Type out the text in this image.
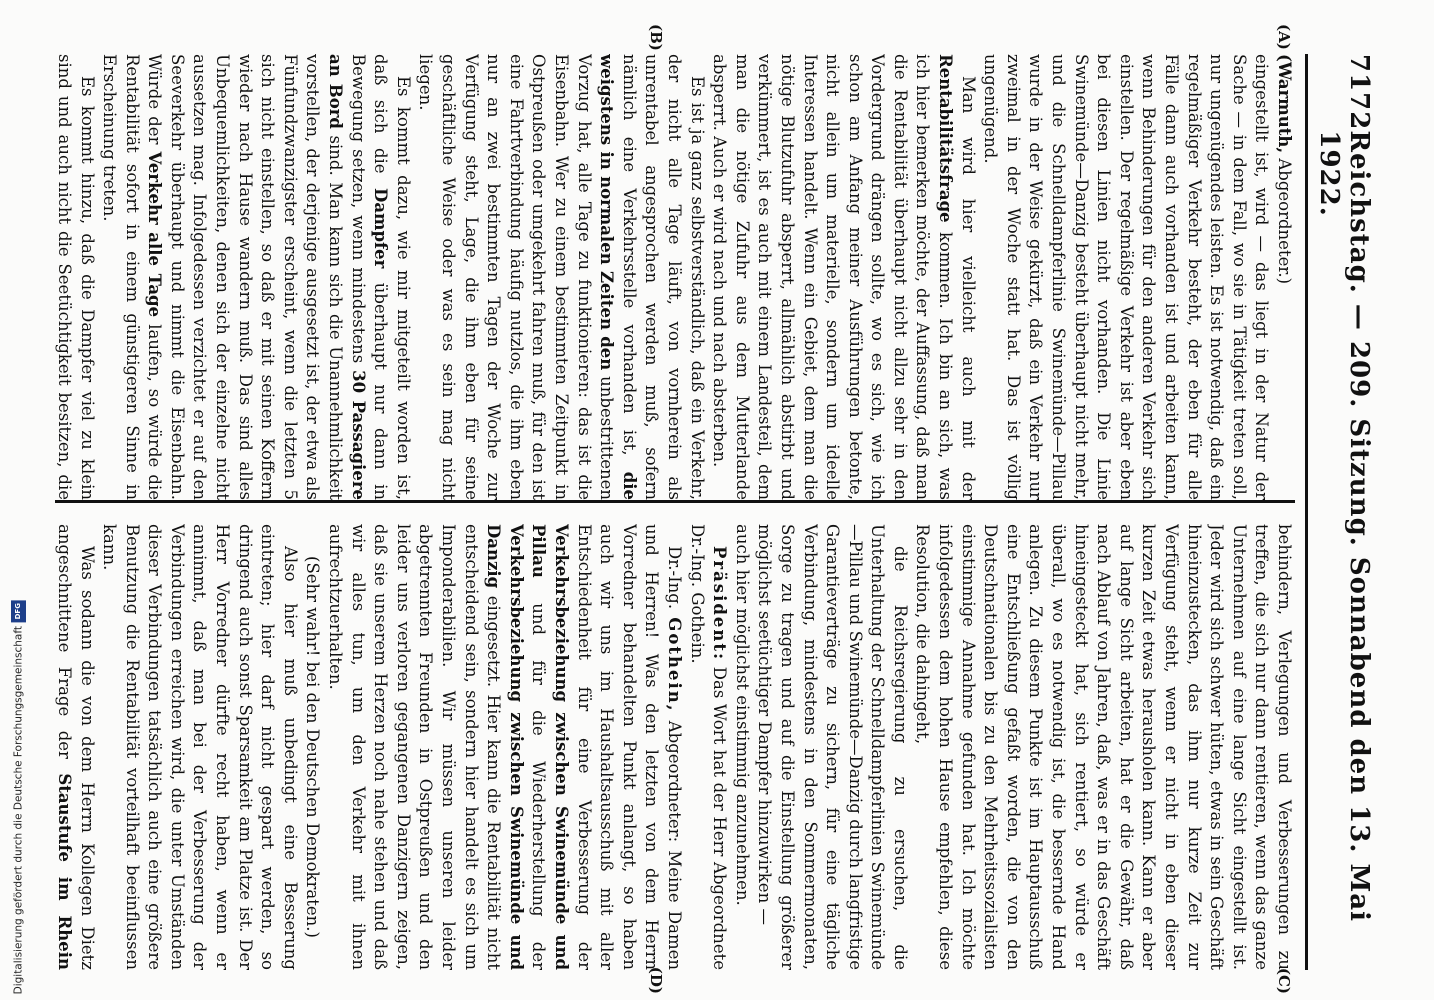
Digitalisierung gefördert durch die Deutsche Forschungsgemeinschaft
DFG
7172
Reichstag. — 209. Sitzung. Sonnabend den 13. Mai 1922.
(A)
(B)
(C)
(D)

(Warmuth, Abgeordneter.)

eingestellt ist, wird — das liegt in der Natur der Sache — in dem Fall, wo sie in Tätigkeit treten soll, nur ungenügendes leisten. Es ist notwendig, daß ein regelmäßiger Verkehr besteht, der eben für alle Fälle dann auch vorhanden ist und arbeiten kann, wenn Behinderungen für den anderen Verkehr sich einstellen. Der regelmäßige Verkehr ist aber eben bei diesen Linien nicht vorhanden. Die Linie Swinemünde—Danzig besteht überhaupt nicht mehr, und die Schnelldampferlinie Swinemünde—Pillau wurde in der Weise gekürzt, daß ein Verkehr nur zweimal in der Woche statt hat. Das ist völlig ungenügend.

Man wird hier vielleicht auch mit der Rentabilitätsfrage kommen. Ich bin an sich, was ich hier bemerken möchte, der Auffassung, daß man die Rentabilität überhaupt nicht allzu sehr in den Vordergrund drängen sollte, wo es sich, wie ich schon am Anfang meiner Ausführungen betonte, nicht allein um materielle, sondern um ideelle Interessen handelt. Wenn ein Gebiet, dem man die nötige Blutzufuhr absperrt, allmählich abstirbt und verkümmert, ist es auch mit einem Landesteil, dem man die nötige Zufuhr aus dem Mutterlande absperrt. Auch er wird nach und nach absterben.

Es ist ja ganz selbstverständlich, daß ein Verkehr, der nicht alle Tage läuft, von vornherein als unrentabel angesprochen werden muß, sofern nämlich eine Verkehrsstelle vorhanden ist, die weigstens in normalen Zeiten den unbestrittenen Vorzug hat, alle Tage zu funktionieren: das ist die Eisenbahn. Wer zu einem bestimmten Zeitpunkt in Ostpreußen oder umgekehrt fahren muß, für den ist eine Fahrtverbindung häufig nutzlos, die ihm eben nur an zwei bestimmten Tagen der Woche zur Verfügung steht, Lage, die ihm eben für seine geschäftliche Weise oder was es sein mag nicht liegen.

Es kommt dazu, wie mir mitgeteilt worden ist, daß sich die Dampfer überhaupt nur dann in Bewegung setzen, wenn mindestens 30 Passagiere an Bord sind. Man kann sich die Unannehmlichkeit vorstellen, der derjenige ausgesetzt ist, der etwa als Fünfundzwanzigster erscheint, wenn die letzten 5 sich nicht einstellen, so daß er mit seinen Koffern wieder nach Hause wandern muß. Das sind alles Unbequemlichkeiten, denen sich der einzelne nicht aussetzen mag. Infolgedessen verzichtet er auf den Seeverkehr überhaupt und nimmt die Eisenbahn. Würde der Verkehr alle Tage laufen, so würde die Rentabilität sofort in einem günstigeren Sinne in Erscheinung treten.

Es kommt hinzu, daß die Dampfer viel zu klein sind und auch nicht die Seetüchtigkeit besitzen, die

behindern, Verlegungen und Verbesserungen zu treffen, die sich nur dann rentieren, wenn das ganze Unternehmen auf eine lange Sicht eingestellt ist. Jeder wird sich schwer hüten, etwas in sein Geschäft hineinzustecken, das ihm nur kurze Zeit zur Verfügung steht, wenn er nicht in eben dieser kurzen Zeit etwas herausholen kann. Kann er aber auf lange Sicht arbeiten, hat er die Gewähr, daß nach Ablauf von Jahren, daß, was er in das Geschäft hineingesteckt hat, sich rentiert, so würde er überall, wo es notwendig ist, die bessernde Hand anlegen. Zu diesem Punkte ist im Hauptausschuß eine Entschließung gefaßt worden, die von den Deutschnationalen bis zu den Mehrheitssozialisten einstimmige Annahme gefunden hat. Ich möchte infolgedessen dem hohen Hause empfehlen, diese Resolution, die dahingeht,

die Reichsregierung zu ersuchen, die Unterhaltung der Schnelldampferlinien Swinemünde—Pillau und Swinemünde—Danzig durch langfristige Garantieverträge zu sichern, für eine tägliche Verbindung, mindestens in den Sommermonaten, Sorge zu tragen und auf die Einstellung größerer möglichst seetüchtiger Dampfer hinzuwirken —

auch hier möglichst einstimmig anzunehmen.

Präsident: Das Wort hat der Herr Abgeordnete Dr.-Ing. Gothein.

Dr.-Ing. Gothein, Abgeordneter: Meine Damen und Herren! Was den letzten von dem Herrn Vorredner behandelten Punkt anlangt, so haben auch wir uns im Haushaltsausschuß mit aller Entschiedenheit für eine Verbesserung der Verkehrsbeziehung zwischen Swinemünde und Pillau und für die Wiederherstellung der Verkehrsbeziehung zwischen Swinemünde und Danzig eingesetzt. Hier kann die Rentabilität nicht entscheidend sein, sondern hier handelt es sich um Imponderabilien. Wir müssen unseren leider abgetrennten Freunden in Ostpreußen und den leider uns verloren gegangenen Danzigern zeigen, daß sie unserem Herzen noch nahe stehen und daß wir alles tun, um den Verkehr mit ihnen aufrechtzuerhalten.

(Sehr wahr! bei den Deutschen Demokraten.)

Also hier muß unbedingt eine Besserung eintreten; hier darf nicht gespart werden, so dringend auch sonst Sparsamkeit am Platze ist. Der Herr Vorredner dürfte recht haben, wenn er annimmt, daß man bei der Verbesserung der Verbindungen erreichen wird, die unter Umständen dieser Verbindungen tatsächlich auch eine größere Benutzung die Rentabilität vorteilhaft beeinflussen kann.

Was sodann die von dem Herrn Kollegen Dietz angeschnittene Frage der Staustufe im Rhein
